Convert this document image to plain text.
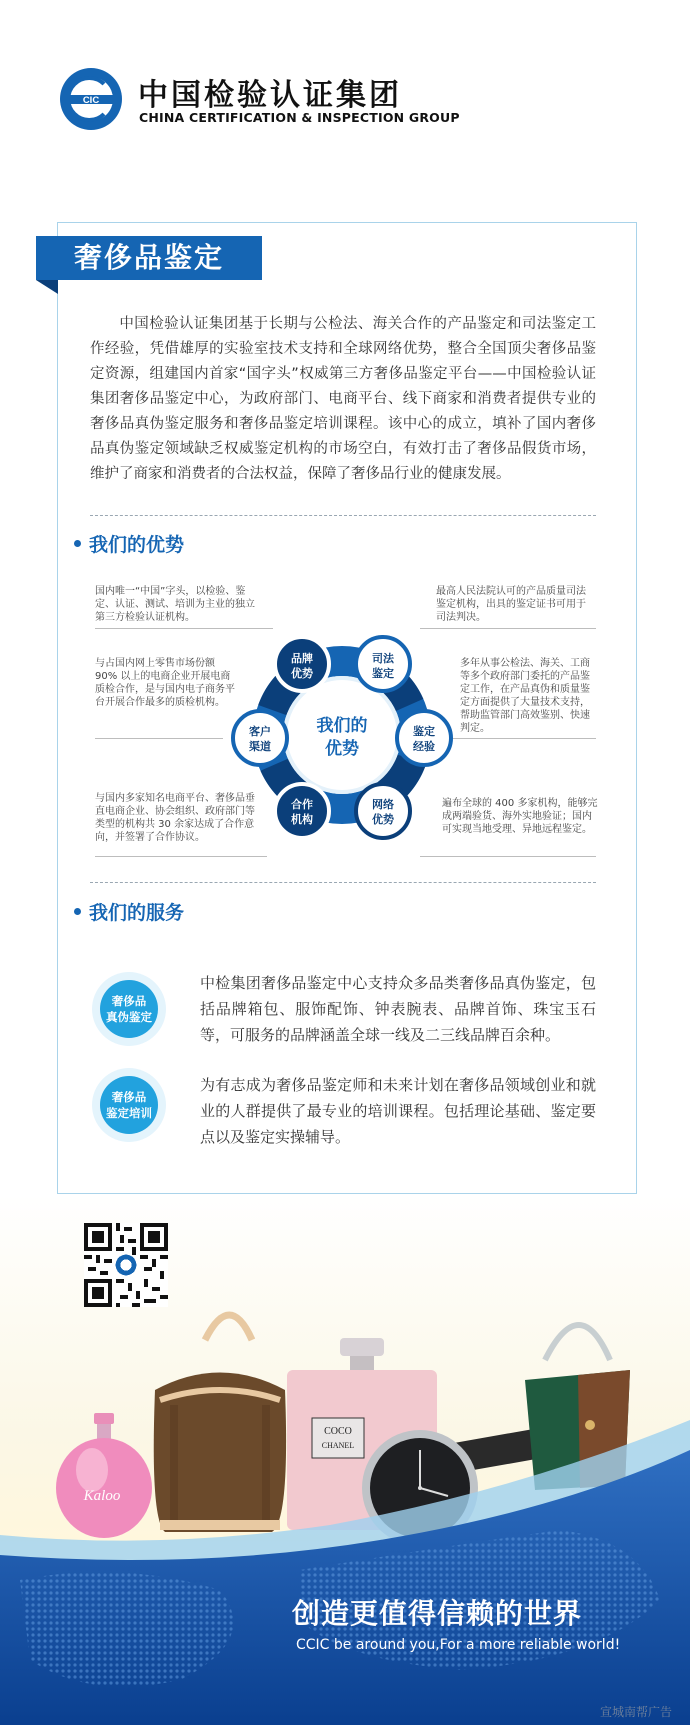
CIC 中国检验认证集团
CHINA CERTIFICATION & INSPECTION GROUP
奢侈品鉴定
中国检验认证集团基于长期与公检法、海关合作的产品鉴定和司法鉴定工作经验，凭借雄厚的实验室技术支持和全球网络优势，整合全国顶尖奢侈品鉴定资源，组建国内首家“国字头”权威第三方奢侈品鉴定平台——中国检验认证集团奢侈品鉴定中心，为政府部门、电商平台、线下商家和消费者提供专业的奢侈品真伪鉴定服务和奢侈品鉴定培训课程。该中心的成立，填补了国内奢侈品真伪鉴定领域缺乏权威鉴定机构的市场空白，有效打击了奢侈品假货市场，维护了商家和消费者的合法权益，保障了奢侈品行业的健康发展。
我们的优势
国内唯一“中国”字头，以检验、鉴定、认证、测试、培训为主业的独立第三方检验认证机构。
与占国内网上零售市场份额90% 以上的电商企业开展电商质检合作，是与国内电子商务平台开展合作最多的质检机构。
与国内多家知名电商平台、奢侈品垂直电商企业、协会组织、政府部门等类型的机构共 30 余家达成了合作意向，并签署了合作协议。
最高人民法院认可的产品质量司法鉴定机构，出具的鉴定证书可用于司法判决。
多年从事公检法、海关、工商等多个政府部门委托的产品鉴定工作，在产品真伪和质量鉴定方面提供了大量技术支持，帮助监管部门高效鉴别、快速判定。
遍布全球的 400 多家机构，能够完成两端验货、海外实地验证；国内可实现当地受理、异地远程鉴定。
我们的
优势
品牌
优势
司法
鉴定
鉴定
经验
网络
优势
合作
机构
客户
渠道
我们的服务
奢侈品
真伪鉴定
中检集团奢侈品鉴定中心支持众多品类奢侈品真伪鉴定，包括品牌箱包、服饰配饰、钟表腕表、品牌首饰、珠宝玉石等，可服务的品牌涵盖全球一线及二三线品牌百余种。
奢侈品
鉴定培训
为有志成为奢侈品鉴定师和未来计划在奢侈品领域创业和就业的人群提供了最专业的培训课程。包括理论基础、鉴定要点以及鉴定实操辅导。
Kaloo
COCO
CHANEL
创造更值得信赖的世界
CCIC be around you,For a more reliable world!
宣城南帮广告
